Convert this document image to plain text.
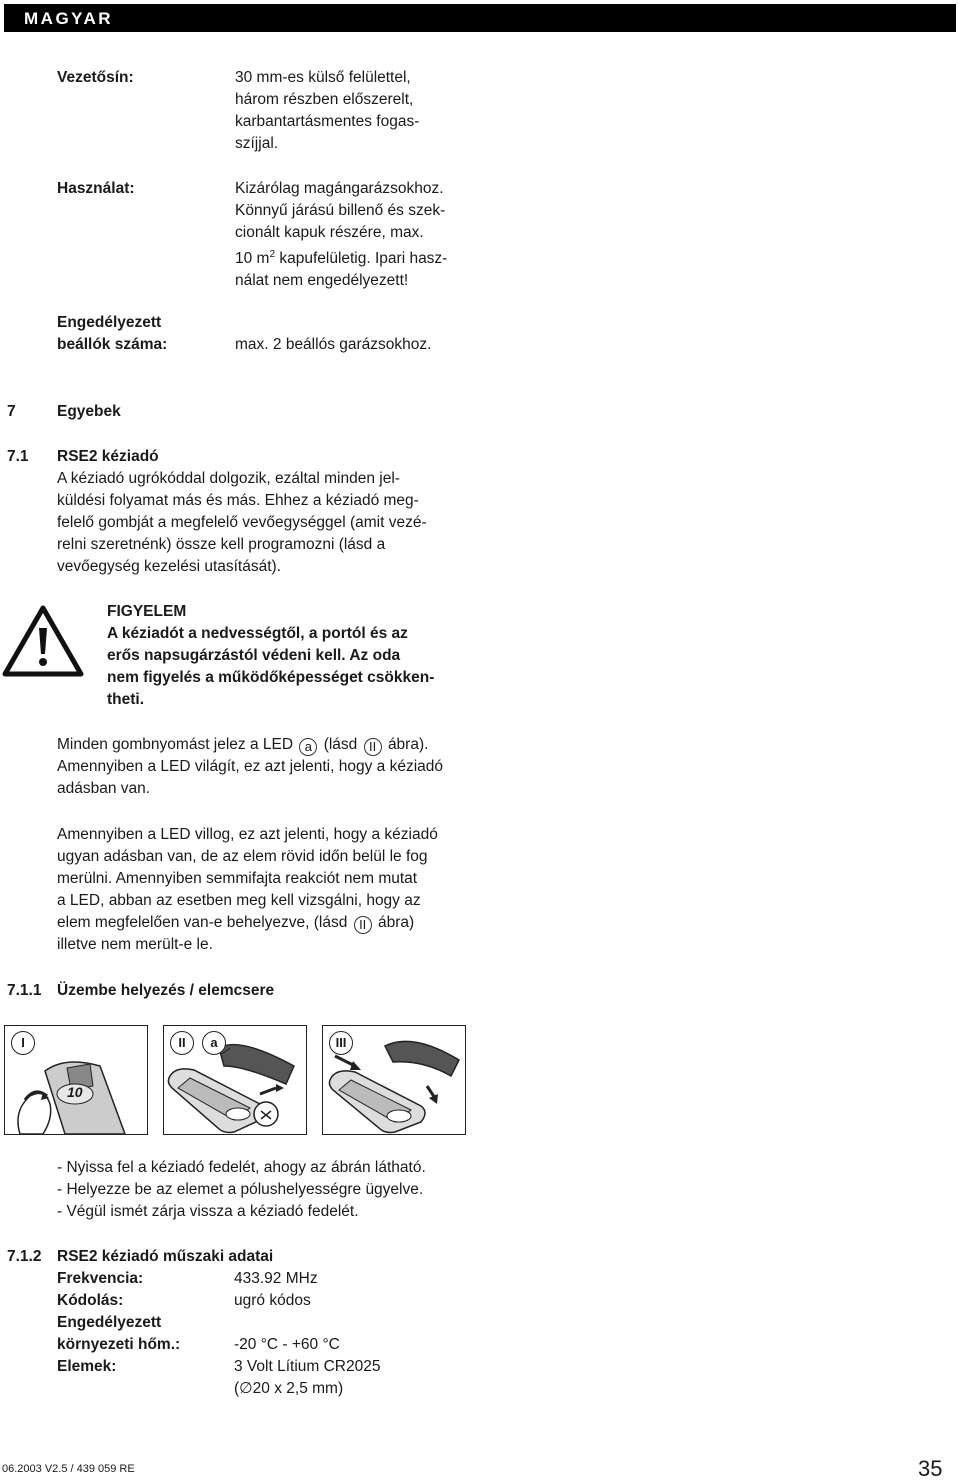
MAGYAR
Vezetősín:	30 mm-es külső felülettel,
három részben előszerelt,
karbantartásmentes fogas-
szíjjal.
Használat:	Kizárólag magángarázsokhoz.
Könnyű járású billenő és szek-
cionált kapuk részére, max.
10 $m^2$ kapufelületig. Ipari hasz-
nálat nem engedélyezett!
Engedélyezett
beállók száma:	max. 2 beállós garázsokhoz.
7	Egyebek
7.1 RSE2 kéziadó
A kéziadó ugrókóddal dolgozik, ezáltal minden jel-
küldési folyamat más és más. Ehhez a kéziadó meg-
felelő gombját a megfelelő vevőegységgel (amit vezé-
relni szeretnénk) össze kell programozni (lásd a
vevőegység kezelési utasítását).
FIGYELEM
A kéziadót a nedvességtől, a portól és az
erős napsugárzástól védeni kell. Az oda
nem figyelés a működőképességet csökken-
theti.
Minden gombnyomást jelez a LED a (lásd II ábra).
Amennyiben a LED világít, ez azt jelenti, hogy a kéziadó
adásban van.
Amennyiben a LED villog, ez azt jelenti, hogy a kéziadó
ugyan adásban van, de az elem rövid időn belül le fog
merülni. Amennyiben semmifajta reakciót nem mutat
a LED, abban az esetben meg kell vizsgálni, hogy az
elem megfelelően van-e behelyezve, (lásd II ábra)
illetve nem merült-e le.
7.1.1 Üzembe helyezés / elemcsere
I
10
II	a	III
- Nyissa fel a kéziadó fedelét, ahogy az ábrán látható.
- Helyezze be az elemet a pólushelyességre ügyelve.
- Végül ismét zárja vissza a kéziadó fedelét.
7.1.2 RSE2 kéziadó műszaki adatai
Frekvencia:	433.92 MHz
Kódolás:	ugró kódos
Engedélyezett
környezeti hőm.:	-20 °C - +60 °C
Elemek:	3 Volt Lítium CR2025
(∅20 x 2,5 mm)
06.2003 V2.5 / 439 059 RE	35
